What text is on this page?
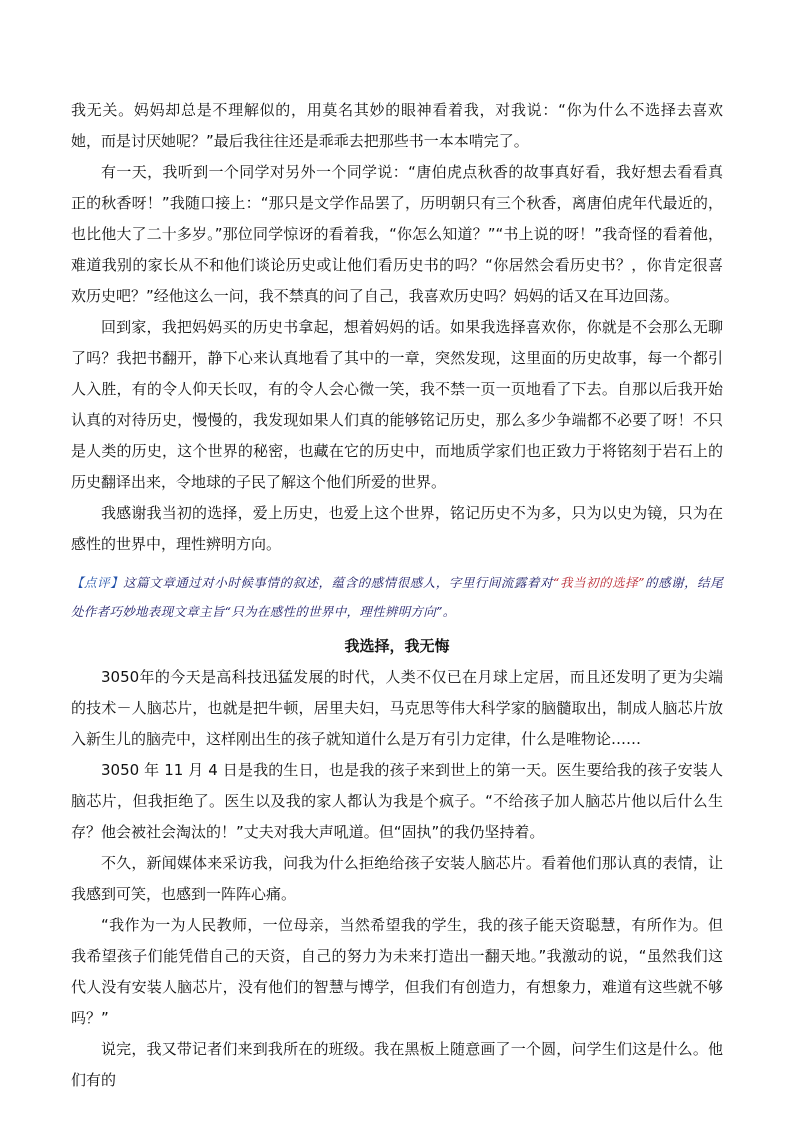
我无关。妈妈却总是不理解似的，用莫名其妙的眼神看着我，对我说：“你为什么不选择去喜欢她，而是讨厌她呢？”最后我往往还是乖乖去把那些书一本本啃完了。

有一天，我听到一个同学对另外一个同学说：“唐伯虎点秋香的故事真好看，我好想去看看真正的秋香呀！”我随口接上：“那只是文学作品罢了，历明朝只有三个秋香，离唐伯虎年代最近的，也比他大了二十多岁。”那位同学惊讶的看着我，“你怎么知道？”“书上说的呀！”我奇怪的看着他，难道我别的家长从不和他们谈论历史或让他们看历史书的吗？“你居然会看历史书？，你肯定很喜欢历史吧？”经他这么一问，我不禁真的问了自己，我喜欢历史吗？妈妈的话又在耳边回荡。

回到家，我把妈妈买的历史书拿起，想着妈妈的话。如果我选择喜欢你，你就是不会那么无聊了吗？我把书翻开，静下心来认真地看了其中的一章，突然发现，这里面的历史故事，每一个都引人入胜，有的令人仰天长叹，有的令人会心微一笑，我不禁一页一页地看了下去。自那以后我开始认真的对待历史，慢慢的，我发现如果人们真的能够铭记历史，那么多少争端都不必要了呀！不只是人类的历史，这个世界的秘密，也藏在它的历史中，而地质学家们也正致力于将铭刻于岩石上的历史翻译出来，令地球的子民了解这个他们所爱的世界。

我感谢我当初的选择，爱上历史，也爱上这个世界，铭记历史不为多，只为以史为镜，只为在感性的世界中，理性辨明方向。

【点评】这篇文章通过对小时候事情的叙述，蕴含的感情很感人，字里行间流露着对“我当初的选择”的感谢，结尾处作者巧妙地表现文章主旨“只为在感性的世界中，理性辨明方向”。

我选择，我无悔

3050年的今天是高科技迅猛发展的时代，人类不仅已在月球上定居，而且还发明了更为尖端的技术－人脑芯片，也就是把牛顿，居里夫妇，马克思等伟大科学家的脑髓取出，制成人脑芯片放入新生儿的脑壳中，这样刚出生的孩子就知道什么是万有引力定律，什么是唯物论……

3050 年 11 月 4 日是我的生日，也是我的孩子来到世上的第一天。医生要给我的孩子安装人脑芯片，但我拒绝了。医生以及我的家人都认为我是个疯子。“不给孩子加人脑芯片他以后什么生存？他会被社会淘汰的！”丈夫对我大声吼道。但“固执”的我仍坚持着。

不久，新闻媒体来采访我，问我为什么拒绝给孩子安装人脑芯片。看着他们那认真的表情，让我感到可笑，也感到一阵阵心痛。

“我作为一为人民教师，一位母亲，当然希望我的学生，我的孩子能天资聪慧，有所作为。但我希望孩子们能凭借自己的天资，自己的努力为未来打造出一翻天地。”我激动的说，“虽然我们这代人没有安装人脑芯片，没有他们的智慧与博学，但我们有创造力，有想象力，难道有这些就不够吗？”

说完，我又带记者们来到我所在的班级。我在黑板上随意画了一个圆，问学生们这是什么。他们有的
